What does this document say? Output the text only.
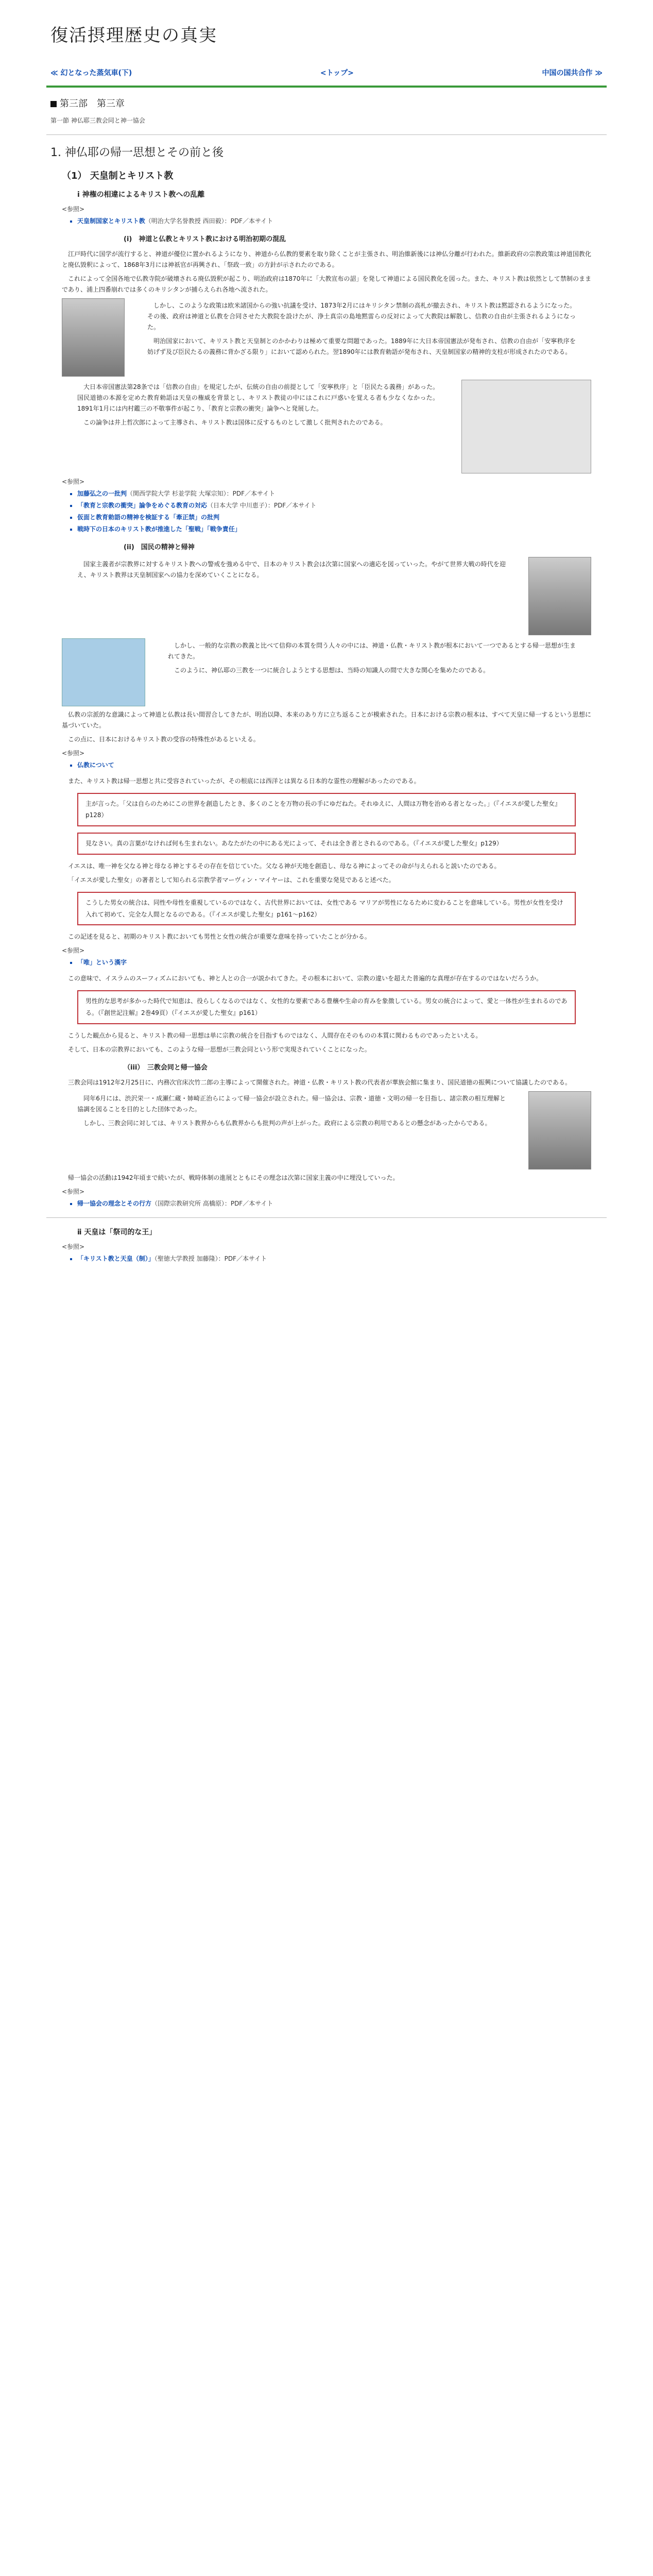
復活摂理歴史の真実
≪ 幻となった蒸気車(下)	<トップ>	中国の国共合作 ≫
第三部　第三章
第一節 神仏耶三教会同と神一協会
1. 神仏耶の帰一思想とその前と後
（1） 天皇制とキリスト教
ⅰ 神権の相違によるキリスト教への乱離
<参照>
▪ 天皇制国家とキリスト教（明治大学名誉教授 西田毅）：PDF／本サイト
(i)　神道と仏教とキリスト教における明治初期の混乱

江戸時代に国学が流行すると、神道が優位に置かれるようになり、神道から仏教的要素を取り除くことが主張され、明治維新後には神仏分離が行われた。維新政府の宗教政策は神道国教化と廃仏毀釈によって、1868年3月には神祇官が再興され、「祭政一致」の方針が示されたのである。

これによって全国各地で仏教寺院が破壊される廃仏毀釈が起こり、明治政府は1870年に「大教宣布の詔」を発して神道による国民教化を図った。また、キリスト教は依然として禁制のままであり、浦上四番崩れでは多くのキリシタンが捕らえられ各地へ流された。

しかし、このような政策は欧米諸国からの強い抗議を受け、1873年2月にはキリシタン禁制の高札が撤去され、キリスト教は黙認されるようになった。その後、政府は神道と仏教を合同させた大教院を設けたが、浄土真宗の島地黙雷らの反対によって大教院は解散し、信教の自由が主張されるようになった。

明治国家において、キリスト教と天皇制とのかかわりは極めて重要な問題であった。1889年に大日本帝国憲法が発布され、信教の自由が「安寧秩序を妨げず及び臣民たるの義務に背かざる限り」において認められた。翌1890年には教育勅語が発布され、天皇制国家の精神的支柱が形成されたのである。

大日本帝国憲法第28条では「信教の自由」を規定したが、伝統の自由の前提として「安寧秩序」と「臣民たる義務」があった。国民道徳の本源を定めた教育勅語は天皇の権威を背景とし、キリスト教徒の中にはこれに戸惑いを覚える者も少なくなかった。1891年1月には内村鑑三の不敬事件が起こり、「教育と宗教の衝突」論争へと発展した。

この論争は井上哲次郎によって主導され、キリスト教は国体に反するものとして激しく批判されたのである。

<参照>
▪ 加藤弘之の一批判（関西学院大学 杉並学院 大塚宗知）：PDF／本サイト
▪ 「教育と宗教の衝突」論争をめぐる教育の対応（日本大学 中川恵子）：PDF／本サイト
▪ 仮面と教育勅語の精神を検証する「牽正禁」の批判
▪ 戦時下の日本のキリスト教が推進した「聖戦」「戦争責任」
(ii)　国民の精神と帰神

国家主義者が宗教界に対するキリスト教への警戒を強める中で、日本のキリスト教会は次第に国家への適応を図っていった。やがて世界大戦の時代を迎え、キリスト教界は天皇制国家への協力を深めていくことになる。

しかし、一般的な宗教の教義と比べて信仰の本質を問う人々の中には、神道・仏教・キリスト教が根本において一つであるとする帰一思想が生まれてきた。

このように、神仏耶の三教を一つに統合しようとする思想は、当時の知識人の間で大きな関心を集めたのである。

仏教の宗派的な意識によって神道と仏教は長い間習合してきたが、明治以降、本来のあり方に立ち返ることが模索された。日本における宗教の根本は、すべて天皇に帰一するという思想に基づいていた。

この点に、日本におけるキリスト教の受容の特殊性があるといえる。

<参照>
▪ 仏教について

また、キリスト教は帰一思想と共に受容されていったが、その根底には西洋とは異なる日本的な霊性の理解があったのである。

主が言った。「父は自らのためにこの世界を創造したとき、多くのことを万物の長の手にゆだねた。それゆえに、人間は万物を治める者となった。」（『イエスが愛した聖女』p128）
見なさい。真の言葉がなければ何も生まれない。あなたがたの中にある光によって、それは全き者とされるのである。（『イエスが愛した聖女』p129）

イエスは、唯一神を父なる神と母なる神とするその存在を信じていた。父なる神が天地を創造し、母なる神によってその命が与えられると説いたのである。

「イエスが愛した聖女」の著者として知られる宗教学者マーヴィン・マイヤーは、これを重要な発見であると述べた。

こうした男女の統合は、同性や母性を重視しているのではなく、古代世界においては、女性である マリアが男性になるために変わることを意味している。男性が女性を受け入れて初めて、完全な人間となるのである。（『イエスが愛した聖女』p161〜p162）

この記述を見ると、初期のキリスト教においても男性と女性の統合が重要な意味を持っていたことが分かる。

<参照>
▪ 「唯」という漢字

この意味で、イスラムのスーフィズムにおいても、神と人との合一が説かれてきた。その根本において、宗教の違いを超えた普遍的な真理が存在するのではないだろうか。

男性的な思考が多かった時代で知恵は、役らしくなるのではなく、女性的な要素である豊穣や生命の育みを象徴している。男女の統合によって、愛と一体性が生まれるのである。（『創世記注解』2巻49頁）（『イエスが愛した聖女』p161）

こうした観点から見ると、キリスト教の帰一思想は単に宗教の統合を目指すものではなく、人間存在そのものの本質に関わるものであったといえる。

そして、日本の宗教界においても、このような帰一思想が三教会同という形で実現されていくことになった。

（iii）　三教会同と帰一協会

三教会同は1912年2月25日に、内務次官床次竹二郎の主導によって開催された。神道・仏教・キリスト教の代表者が華族会館に集まり、国民道徳の振興について協議したのである。

同年6月には、渋沢栄一・成瀬仁蔵・姉崎正治らによって帰一協会が設立された。帰一協会は、宗教・道徳・文明の帰一を目指し、諸宗教の相互理解と協調を図ることを目的とした団体であった。

しかし、三教会同に対しては、キリスト教界からも仏教界からも批判の声が上がった。政府による宗教の利用であるとの懸念があったからである。

帰一協会の活動は1942年頃まで続いたが、戦時体制の進展とともにその理念は次第に国家主義の中に埋没していった。

<参照>
▪ 帰一協会の理念とその行方（国際宗教研究所 高橋原）：PDF／本サイト
ⅱ 天皇は「祭司的な王」
<参照>
▪ 「キリスト教と天皇（制）」（聖徳大学教授 加藤隆）：PDF／本サイト
